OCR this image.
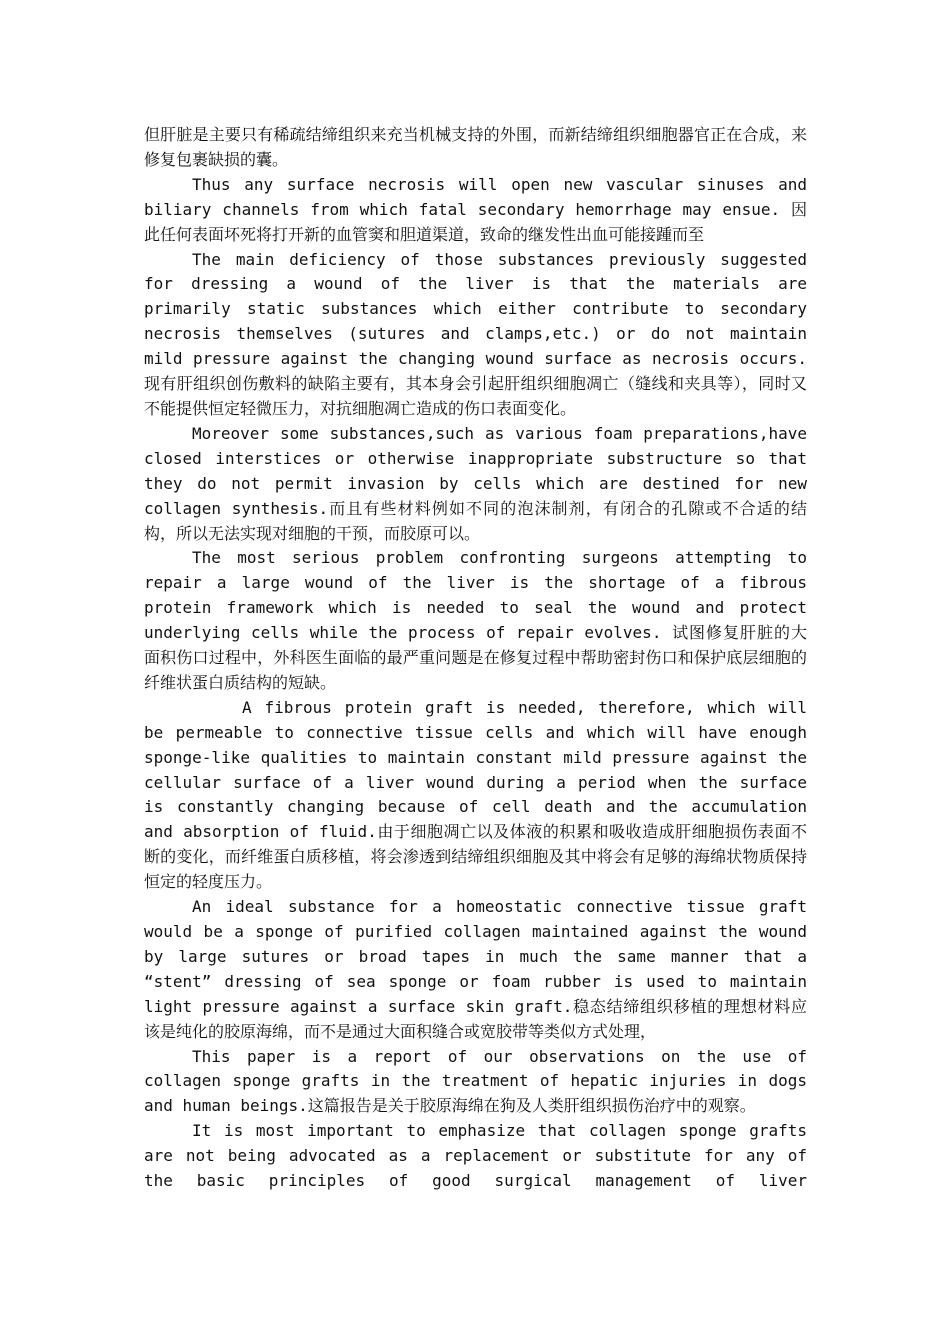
但肝脏是主要只有稀疏结缔组织来充当机械支持的外围，而新结缔组织细胞器官正在合成，来修复包裹缺损的囊。

Thus any surface necrosis will open new vascular sinuses and biliary channels from which fatal secondary hemorrhage may ensue. 因此任何表面坏死将打开新的血管窦和胆道渠道，致命的继发性出血可能接踵而至

The main deficiency of those substances previously suggested for dressing a wound of the liver is that the materials are primarily static substances which either contribute to secondary necrosis themselves (sutures and clamps,etc.) or do not maintain mild pressure against the changing wound surface as necrosis occurs.现有肝组织创伤敷料的缺陷主要有，其本身会引起肝组织细胞凋亡（缝线和夹具等），同时又不能提供恒定轻微压力，对抗细胞凋亡造成的伤口表面变化。

Moreover some substances,such as various foam preparations,have closed interstices or otherwise inappropriate substructure so that they do not permit invasion by cells which are destined for new collagen synthesis.而且有些材料例如不同的泡沫制剂，有闭合的孔隙或不合适的结构，所以无法实现对细胞的干预，而胶原可以。

The most serious problem confronting surgeons attempting to repair a large wound of the liver is the shortage of a fibrous protein framework which is needed to seal the wound and protect underlying cells while the process of repair evolves. 试图修复肝脏的大面积伤口过程中，外科医生面临的最严重问题是在修复过程中帮助密封伤口和保护底层细胞的纤维状蛋白质结构的短缺。

A fibrous protein graft is needed, therefore, which will be permeable to connective tissue cells and which will have enough sponge-like qualities to maintain constant mild pressure against the cellular surface of a liver wound during a period when the surface is constantly changing because of cell death and the accumulation and absorption of fluid.由于细胞凋亡以及体液的积累和吸收造成肝细胞损伤表面不断的变化，而纤维蛋白质移植，将会渗透到结缔组织细胞及其中将会有足够的海绵状物质保持恒定的轻度压力。

An ideal substance for a homeostatic connective tissue graft would be a sponge of purified collagen maintained against the wound by large sutures or broad tapes in much the same manner that a “stent” dressing of sea sponge or foam rubber is used to maintain light pressure against a surface skin graft.稳态结缔组织移植的理想材料应该是纯化的胶原海绵，而不是通过大面积缝合或宽胶带等类似方式处理，

This paper is a report of our observations on the use of collagen sponge grafts in the treatment of hepatic injuries in dogs and human beings.这篇报告是关于胶原海绵在狗及人类肝组织损伤治疗中的观察。

It is most important to emphasize that collagen sponge grafts are not being advocated as a replacement or substitute for any of the basic principles of good surgical management of liver
